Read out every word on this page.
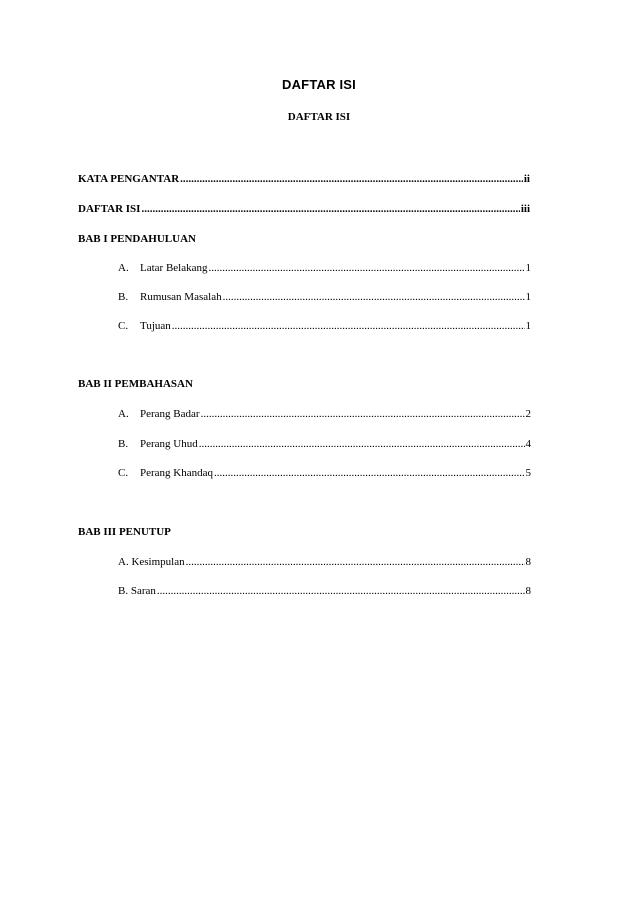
DAFTAR ISI
DAFTAR ISI
KATA PENGANTAR .....	ii
DAFTAR ISI .....	iii
BAB I PENDAHULUAN
A. Latar Belakang .....	1
B. Rumusan Masalah .....	1
C. Tujuan .....	1
BAB II PEMBAHASAN
A. Perang Badar .....	2
B. Perang Uhud .....	4
C. Perang Khandaq .....	5
BAB III PENUTUP
A. Kesimpulan .....	8
B. Saran .....	8
